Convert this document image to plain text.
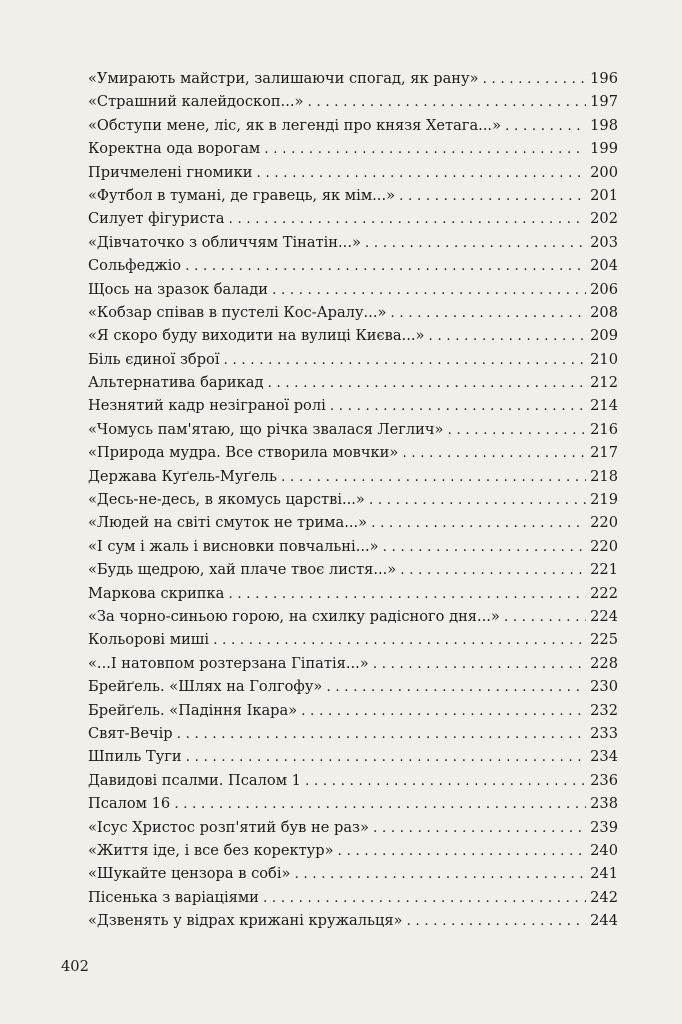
«Умирають майстри, залишаючи спогад, як рану» . . .	196
«Страшний калейдоскоп...» . . .	197
«Обступи мене, ліс, як в легенді про князя Хетага...» . . .	198
Коректна ода ворогам . . .	199
Причмелені гномики . . .	200
«Футбол в тумані, де гравець, як мім...» . . .	201
Силует фігуриста . . .	202
«Дівчаточко з обличчям Тінатін...» . . .	203
Сольфеджіо . . .	204
Щось на зразок балади . . .	206
«Кобзар співав в пустелі Кос-Аралу...» . . .	208
«Я скоро буду виходити на вулиці Києва...» . . .	209
Біль єдиної зброї . . .	210
Альтернатива барикад . . .	212
Незнятий кадр незіграної ролі . . .	214
«Чомусь пам'ятаю, що річка звалася Леглич» . . .	216
«Природа мудра. Все створила мовчки» . . .	217
Держава Куґель-Муґель . . .	218
«Десь-не-десь, в якомусь царстві...» . . .	219
«Людей на світі смуток не трима...» . . .	220
«І сум і жаль і висновки повчальні...» . . .	220
«Будь щедрою, хай плаче твоє листя...» . . .	221
Маркова скрипка . . .	222
«За чорно-синьою горою, на схилку радісного дня...» . . .	224
Кольорові миші . . .	225
«...І натовпом розтерзана Гіпатія...» . . .	228
Брейґель. «Шлях на Голгофу» . . .	230
Брейґель. «Падіння Ікара» . . .	232
Свят-Вечір . . .	233
Шпиль Туги . . .	234
Давидові псалми. Псалом 1 . . .	236
Псалом 16 . . .	238
«Ісус Христос розп'ятий був не раз» . . .	239
«Життя іде, і все без коректур» . . .	240
«Шукайте цензора в собі» . . .	241
Пісенька з варіаціями . . .	242
«Дзвенять у відрах крижані кружальця» . . .	244
402
